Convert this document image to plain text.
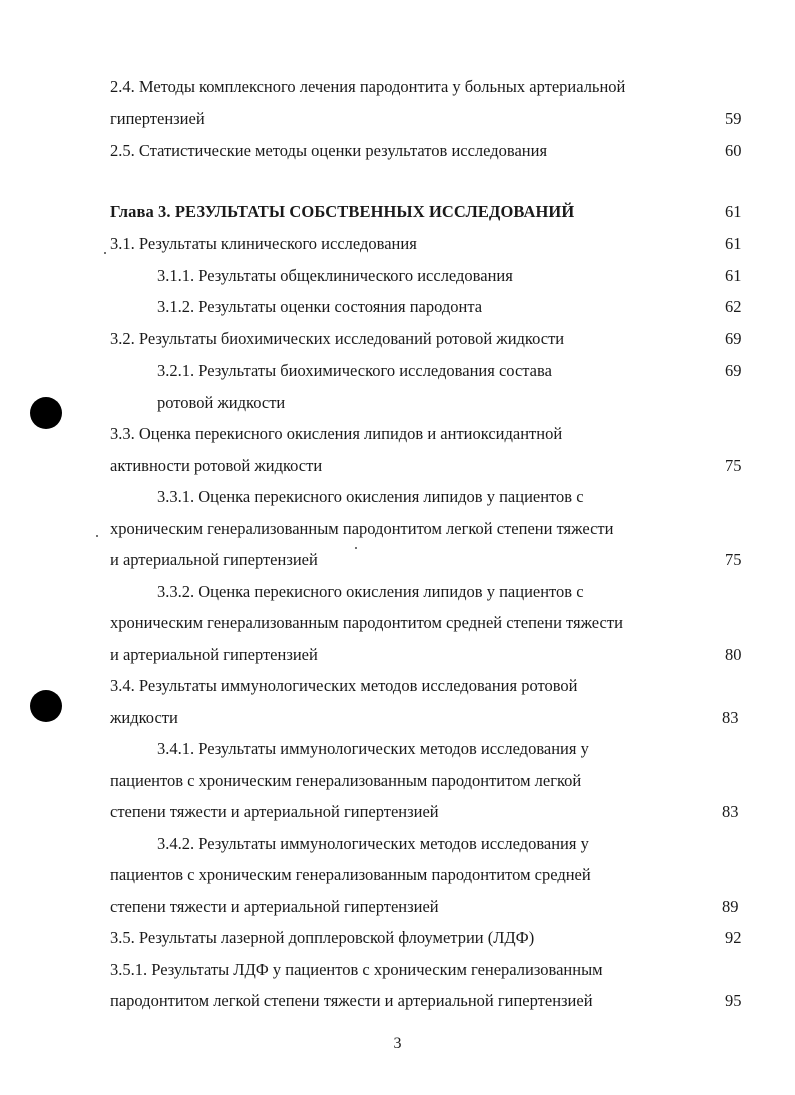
2.4. Методы комплексного лечения пародонтита у больных артериальной
гипертензией	59
2.5. Статистические методы оценки результатов исследования	60
Глава 3. РЕЗУЛЬТАТЫ СОБСТВЕННЫХ ИССЛЕДОВАНИЙ	61
3.1. Результаты клинического исследования	61
3.1.1. Результаты общеклинического исследования	61
3.1.2. Результаты оценки состояния пародонта	62
3.2. Результаты биохимических исследований ротовой жидкости	69
3.2.1. Результаты биохимического исследования состава	69
ротовой жидкости
3.3. Оценка перекисного окисления липидов и антиоксидантной
активности ротовой жидкости	75
3.3.1. Оценка перекисного окисления липидов у пациентов с
хроническим генерализованным пародонтитом легкой степени тяжести
и артериальной гипертензией	75
3.3.2. Оценка перекисного окисления липидов у пациентов с
хроническим генерализованным пародонтитом средней степени тяжести
и артериальной гипертензией	80
3.4. Результаты иммунологических методов исследования ротовой
жидкости	83
3.4.1. Результаты иммунологических методов исследования у
пациентов с хроническим генерализованным пародонтитом легкой
степени тяжести и артериальной гипертензией	83
3.4.2. Результаты иммунологических методов исследования у
пациентов с хроническим генерализованным пародонтитом средней
степени тяжести и артериальной гипертензией	89
3.5. Результаты лазерной допплеровской флоуметрии (ЛДФ)	92
3.5.1. Результаты ЛДФ у пациентов с хроническим генерализованным
пародонтитом легкой степени тяжести и артериальной гипертензией	95
3
